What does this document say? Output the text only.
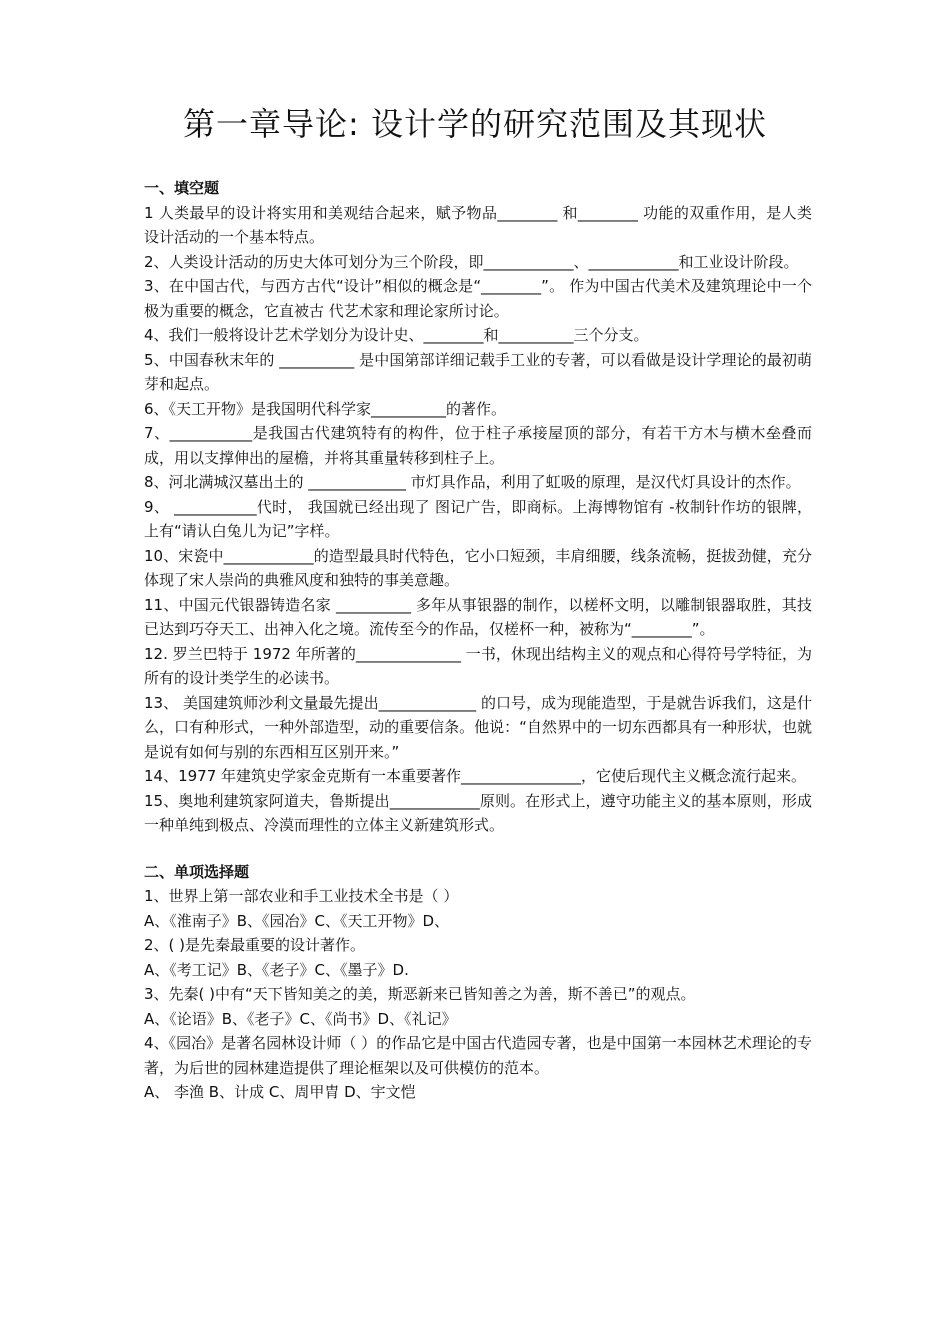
第一章导论: 设计学的研究范围及其现状

一、填空题

1 人类最早的设计将实用和美观结合起来，赋予物品________ 和________ 功能的双重作用，是人类设计活动的一个基本特点。

2、人类设计活动的历史大体可划分为三个阶段，即____________、____________和工业设计阶段。

3、在中国古代，与西方古代“设计”相似的概念是“________”。 作为中国古代美术及建筑理论中一个极为重要的概念，它直被古 代艺术家和理论家所讨论。

4、我们一般将设计艺术学划分为设计史、________和__________三个分支。

5、中国春秋末年的 __________ 是中国第部详细记载手工业的专著，可以看做是设计学理论的最初萌芽和起点。

6、《天工开物》是我国明代科学家__________的著作。

7、___________是我国古代建筑特有的构件，位于柱子承接屋顶的部分，有若干方木与横木垒叠而成，用以支撑伸出的屋檐，并将其重量转移到柱子上。

8、河北满城汉墓出土的 _____________ 市灯具作品，利用了虹吸的原理，是汉代灯具设计的杰作。

9、 ___________代时， 我国就已经出现了 图记广告，即商标。上海博物馆有 -枚制针作坊的银牌， 上有“请认白兔儿为记”字样。

10、宋瓷中____________的造型最具时代特色，它小口短颈，丰肩细腰，线条流畅，挺拔劲健，充分体现了宋人崇尚的典雅风度和独特的事美意趣。

11、中国元代银器铸造名家 __________ 多年从事银器的制作，以槎杯文明，以雕制银器取胜，其技已达到巧夺天工、出神入化之境。流传至今的作品，仅槎杯一种，被称为“________”。

12. 罗兰巴特于 1972 年所著的______________ 一书，休现出结构主义的观点和心得符号学特征，为所有的设计类学生的必读书。

13、 美国建筑师沙利文量最先提出_____________ 的口号，成为现能造型，于是就告诉我们，这是什么，口有种形式，一种外部造型，动的重要信条。他说：“自然界中的一切东西都具有一种形状，也就是说有如何与别的东西相互区别开来。”

14、1977 年建筑史学家金克斯有一本重要著作________________，它使后现代主义概念流行起来。

15、奥地利建筑家阿道夫，鲁斯提出____________原则。在形式上，遵守功能主义的基本原则，形成一种单纯到极点、冷漠而理性的立体主义新建筑形式。

二、单项选择题

1、世界上第一部农业和手工业技术全书是（ ）

A、《淮南子》B、《园冶》C、《天工开物》D、

2、( )是先秦最重要的设计著作。

A、《考工记》B、《老子》C、《墨子》D.

3、先秦( )中有“天下皆知美之的美，斯恶新来已皆知善之为善，斯不善已”的观点。

A、《论语》B、《老子》C、《尚书》D、《礼记》

4、《园冶》是著名园林设计师（ ）的作品它是中国古代造园专著，也是中国第一本园林艺术理论的专著，为后世的园林建造提供了理论框架以及可供模仿的范本。

A、 李渔 B、计成 C、周甲胄 D、宇文恺
